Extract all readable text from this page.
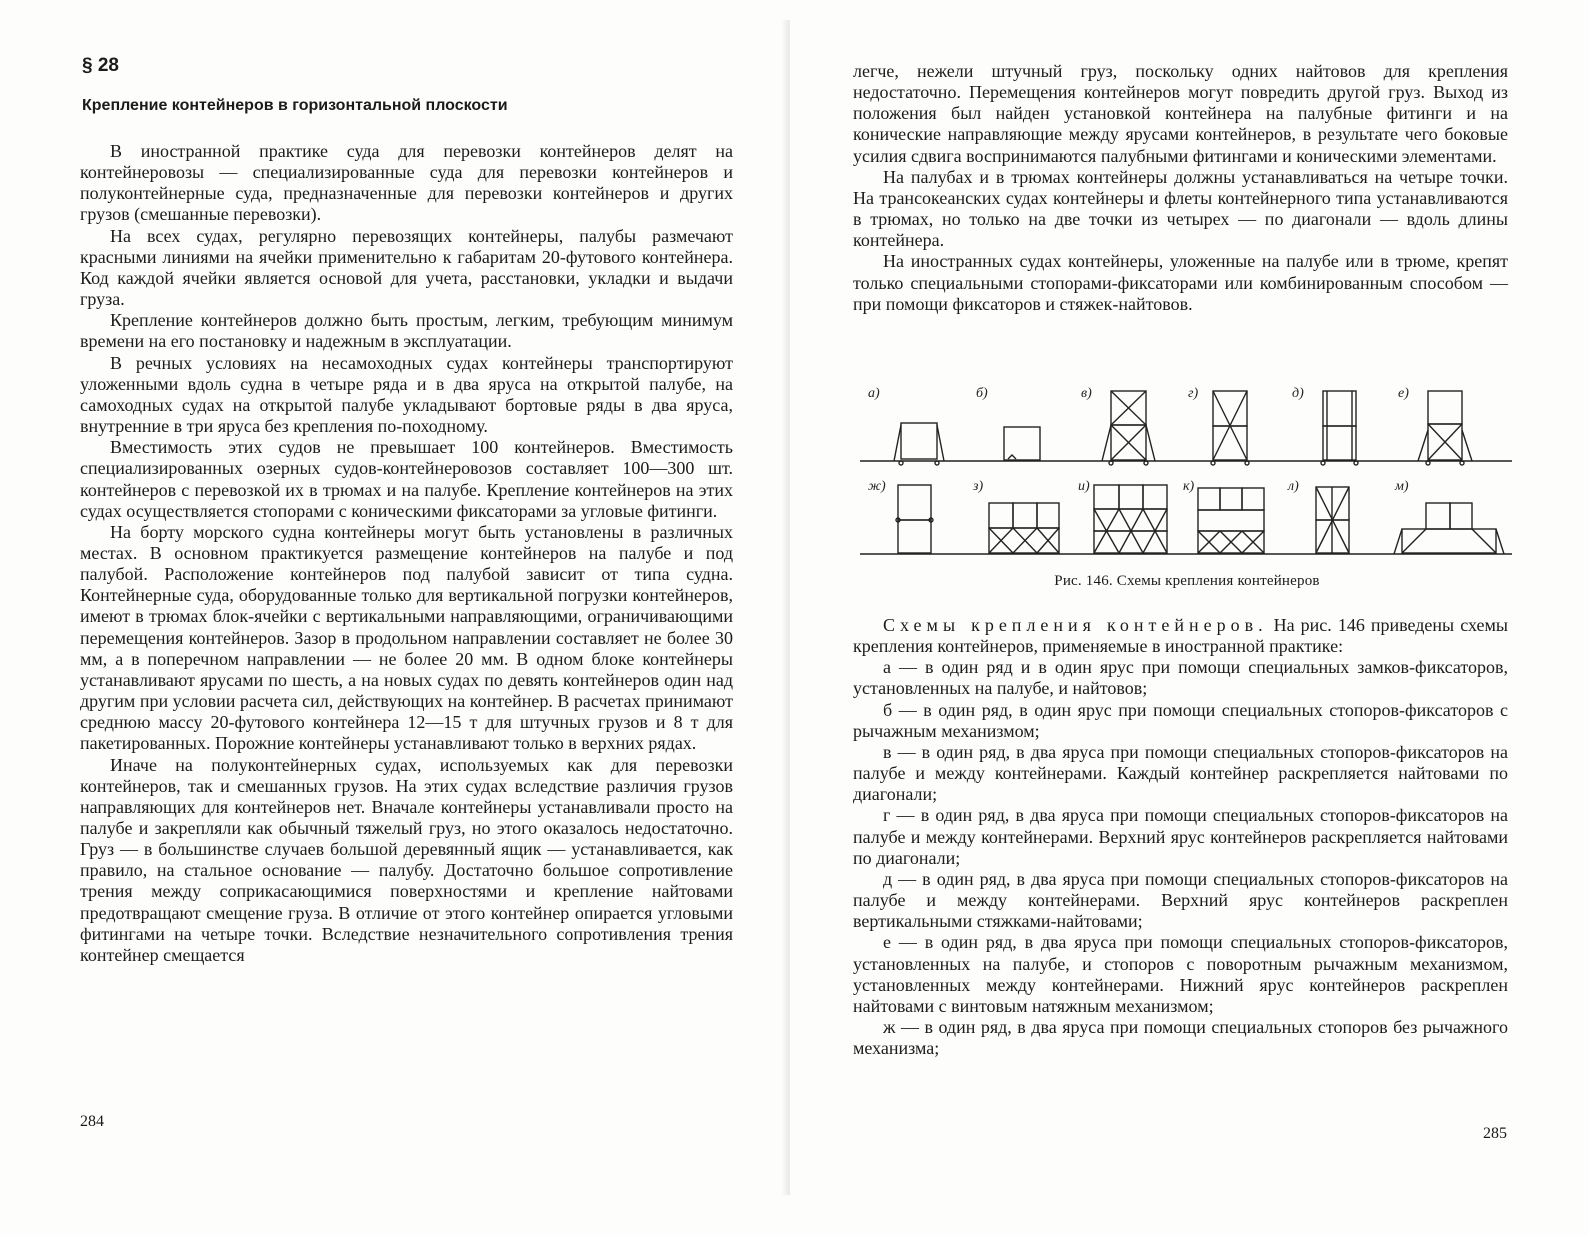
§ 28
Крепление контейнеров в горизонтальной плоскости

В иностранной практике суда для перевозки контейнеров делят на контейнеровозы — специализированные суда для перевозки контейнеров и полуконтейнерные суда, предназначенные для перевозки контейнеров и других грузов (смешанные перевозки).

На всех судах, регулярно перевозящих контейнеры, палубы размечают красными линиями на ячейки применительно к габаритам 20-футового контейнера. Код каждой ячейки является основой для учета, расстановки, укладки и выдачи груза.

Крепление контейнеров должно быть простым, легким, требующим минимум времени на его постановку и надежным в эксплуатации.

В речных условиях на несамоходных судах контейнеры транспортируют уложенными вдоль судна в четыре ряда и в два яруса на открытой палубе, на самоходных судах на открытой палубе укладывают бортовые ряды в два яруса, внутренние в три яруса без крепления по-походному.

Вместимость этих судов не превышает 100 контейнеров. Вместимость специализированных озерных судов-контейнеровозов составляет 100—300 шт. контейнеров с перевозкой их в трюмах и на палубе. Крепление контейнеров на этих судах осуществляется стопорами с коническими фиксаторами за угловые фитинги.

На борту морского судна контейнеры могут быть установлены в различных местах. В основном практикуется размещение контейнеров на палубе и под палубой. Расположение контейнеров под палубой зависит от типа судна. Контейнерные суда, оборудованные только для вертикальной погрузки контейнеров, имеют в трюмах блок-ячейки с вертикальными направляющими, ограничивающими перемещения контейнеров. Зазор в продольном направлении составляет не более 30 мм, а в поперечном направлении — не более 20 мм. В одном блоке контейнеры устанавливают ярусами по шесть, а на новых судах по девять контейнеров один над другим при условии расчета сил, действующих на контейнер. В расчетах принимают среднюю массу 20-футового контейнера 12—15 т для штучных грузов и 8 т для пакетированных. Порожние контейнеры устанавливают только в верхних рядах.

Иначе на полуконтейнерных судах, используемых как для перевозки контейнеров, так и смешанных грузов. На этих судах вследствие различия грузов направляющих для контейнеров нет. Вначале контейнеры устанавливали просто на палубе и закрепляли как обычный тяжелый груз, но этого оказалось недостаточно. Груз — в большинстве случаев большой деревянный ящик — устанавливается, как правило, на стальное основание — палубу. Достаточно большое сопротивление трения между соприкасающимися поверхностями и крепление найтовами предотвращают смещение груза. В отличие от этого контейнер опирается угловыми фитингами на четыре точки. Вследствие незначительного сопротивления трения контейнер смещается

284

легче, нежели штучный груз, поскольку одних найтовов для крепления недостаточно. Перемещения контейнеров могут повредить другой груз. Выход из положения был найден установкой контейнера на палубные фитинги и на конические направляющие между ярусами контейнеров, в результате чего боковые усилия сдвига воспринимаются палубными фитингами и коническими элементами.

На палубах и в трюмах контейнеры должны устанавливаться на четыре точки. На трансокеанских судах контейнеры и флеты контейнерного типа устанавливаются в трюмах, но только на две точки из четырех — по диагонали — вдоль длины контейнера.

На иностранных судах контейнеры, уложенные на палубе или в трюме, крепят только специальными стопорами-фиксаторами или комбинированным способом — при помощи фиксаторов и стяжек-найтовов.

а)	б)	в)	г)	д)	е)
ж)	з)	и)	к)	л)	м)
Рис. 146. Схемы крепления контейнеров

Схемы крепления контейнеров. На рис. 146 приведены схемы крепления контейнеров, применяемые в иностранной практике:

а — в один ряд и в один ярус при помощи специальных замков-фиксаторов, установленных на палубе, и найтовов;

б — в один ряд, в один ярус при помощи специальных стопоров-фиксаторов с рычажным механизмом;

в — в один ряд, в два яруса при помощи специальных стопоров-фиксаторов на палубе и между контейнерами. Каждый контейнер раскрепляется найтовами по диагонали;

г — в один ряд, в два яруса при помощи специальных стопоров-фиксаторов на палубе и между контейнерами. Верхний ярус контейнеров раскрепляется найтовами по диагонали;

д — в один ряд, в два яруса при помощи специальных стопоров-фиксаторов на палубе и между контейнерами. Верхний ярус контейнеров раскреплен вертикальными стяжками-найтовами;

е — в один ряд, в два яруса при помощи специальных стопоров-фиксаторов, установленных на палубе, и стопоров с поворотным рычажным механизмом, установленных между контейнерами. Нижний ярус контейнеров раскреплен найтовами с винтовым натяжным механизмом;

ж — в один ряд, в два яруса при помощи специальных стопоров без рычажного механизма;

285
